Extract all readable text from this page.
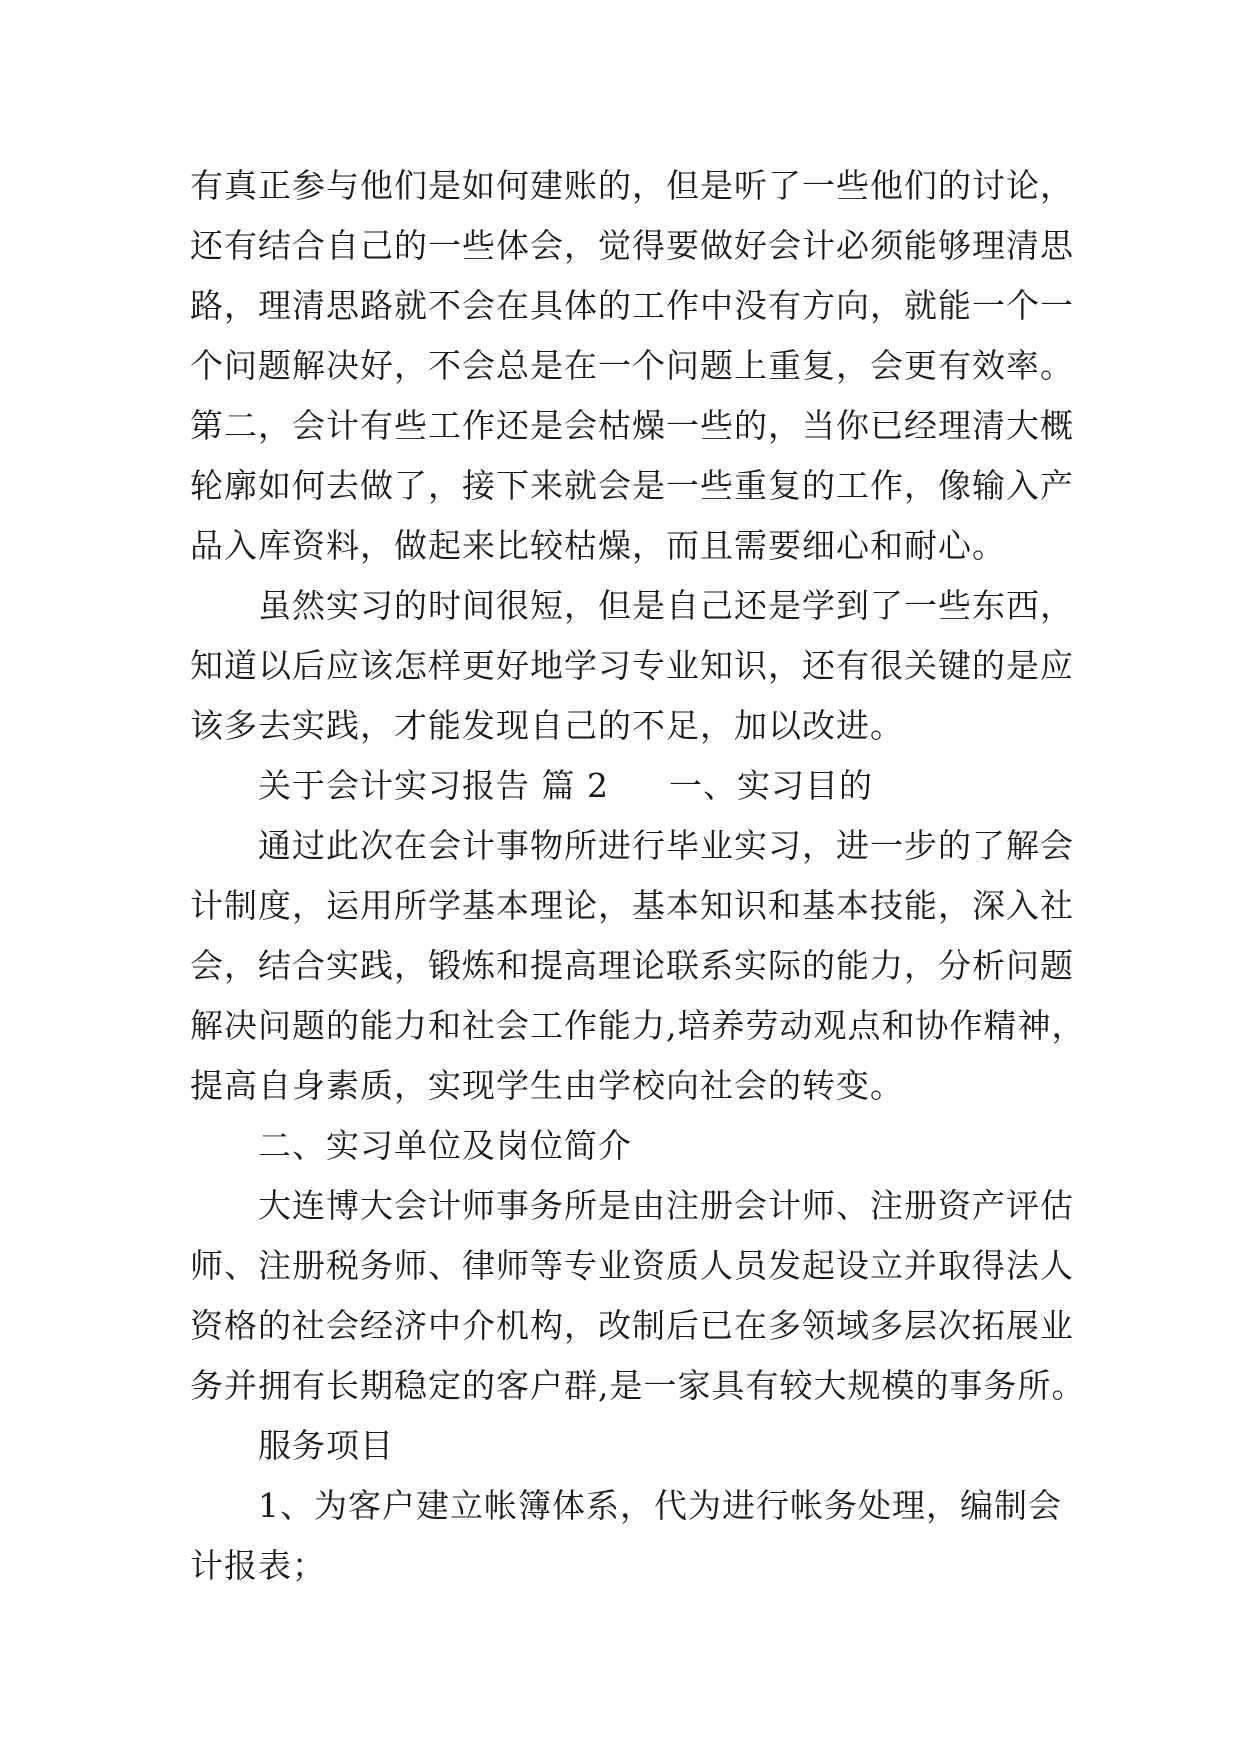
有真正参与他们是如何建账的，但是听了一些他们的讨论，
还有结合自己的一些体会，觉得要做好会计必须能够理清思
路，理清思路就不会在具体的工作中没有方向，就能一个一
个问题解决好，不会总是在一个问题上重复，会更有效率。
第二，会计有些工作还是会枯燥一些的，当你已经理清大概
轮廓如何去做了，接下来就会是一些重复的工作，像输入产
品入库资料，做起来比较枯燥，而且需要细心和耐心。
虽然实习的时间很短，但是自己还是学到了一些东西，
知道以后应该怎样更好地学习专业知识，还有很关键的是应
该多去实践，才能发现自己的不足，加以改进。
关于会计实习报告 篇 2 一、实习目的
通过此次在会计事物所进行毕业实习，进一步的了解会
计制度，运用所学基本理论，基本知识和基本技能，深入社
会，结合实践，锻炼和提高理论联系实际的能力，分析问题
解决问题的能力和社会工作能力,培养劳动观点和协作精神，
提高自身素质，实现学生由学校向社会的转变。
二、实习单位及岗位简介
大连博大会计师事务所是由注册会计师、注册资产评估
师、注册税务师、律师等专业资质人员发起设立并取得法人
资格的社会经济中介机构，改制后已在多领域多层次拓展业
务并拥有长期稳定的客户群,是一家具有较大规模的事务所。
服务项目
1、为客户建立帐簿体系，代为进行帐务处理，编制会
计报表；
